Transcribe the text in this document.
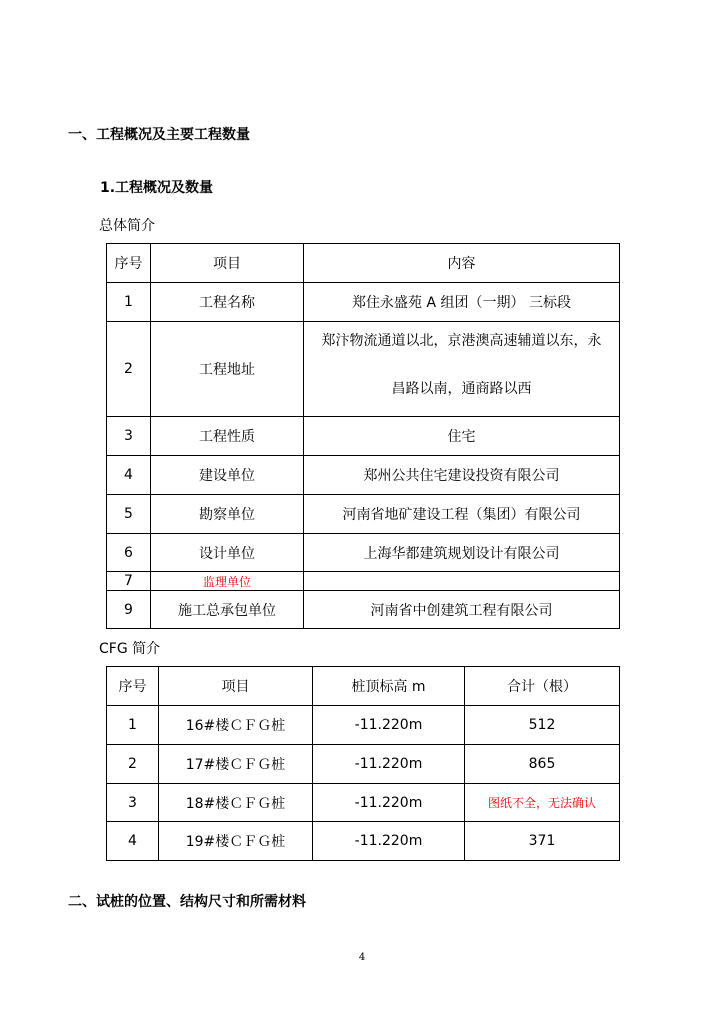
一、工程概况及主要工程数量
1.工程概况及数量
总体简介
序号	项目	内容
1	工程名称	郑住永盛苑 A 组团（一期） 三标段
2	工程地址	郑汴物流通道以北，京港澳高速辅道以东，永
昌路以南，通商路以西

3	工程性质	住宅
4	建设单位	郑州公共住宅建设投资有限公司
5	勘察单位	河南省地矿建设工程（集团）有限公司
6	设计单位	上海华都建筑规划设计有限公司
7	监理单位	
9	施工总承包单位	河南省中创建筑工程有限公司
CFG 简介
序号	项目	桩顶标高 m	合计（根）
1	16#楼ＣＦＧ桩	-11.220m	512
2	17#楼ＣＦＧ桩	-11.220m	865
3	18#楼ＣＦＧ桩	-11.220m	图纸不全，无法确认
4	19#楼ＣＦＧ桩	-11.220m	371
二、试桩的位置、结构尺寸和所需材料
4
